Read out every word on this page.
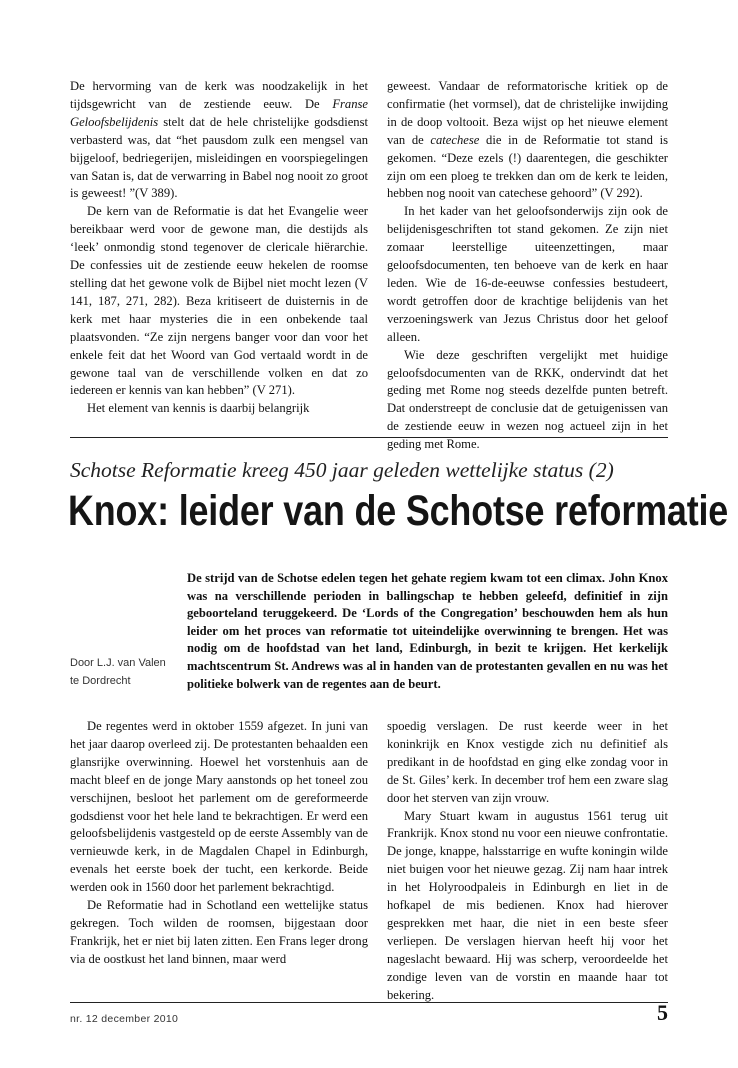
De hervorming van de kerk was noodzakelijk in het tijdsgewricht van de zestiende eeuw. De Franse Geloofsbelijdenis stelt dat de hele christelijke godsdienst verbasterd was, dat “het pausdom zulk een mengsel van bijgeloof, bedriegerijen, misleidingen en voorspiegelingen van Satan is, dat de verwarring in Babel nog nooit zo groot is geweest! ”(V 389).

De kern van de Reformatie is dat het Evangelie weer bereikbaar werd voor de gewone man, die destijds als ‘leek’ onmondig stond tegenover de clericale hiërarchie. De confessies uit de zestiende eeuw hekelen de roomse stelling dat het gewone volk de Bijbel niet mocht lezen (V 141, 187, 271, 282). Beza kritiseert de duisternis in de kerk met haar mysteries die in een onbekende taal plaatsvonden. “Ze zijn nergens banger voor dan voor het enkele feit dat het Woord van God vertaald wordt in de gewone taal van de verschillende volken en dat zo iedereen er kennis van kan hebben” (V 271).

Het element van kennis is daarbij belangrijk

geweest. Vandaar de reformatorische kritiek op de confirmatie (het vormsel), dat de christelijke inwijding in de doop voltooit. Beza wijst op het nieuwe element van de catechese die in de Reformatie tot stand is gekomen. “Deze ezels (!) daarentegen, die geschikter zijn om een ploeg te trekken dan om de kerk te leiden, hebben nog nooit van catechese gehoord” (V 292).

In het kader van het geloofsonderwijs zijn ook de belijdenisgeschriften tot stand gekomen. Ze zijn niet zomaar leerstellige uiteenzettingen, maar geloofsdocumenten, ten behoeve van de kerk en haar leden. Wie de 16-de-eeuwse confessies bestudeert, wordt getroffen door de krachtige belijdenis van het verzoeningswerk van Jezus Christus door het geloof alleen.

Wie deze geschriften vergelijkt met huidige geloofsdocumenten van de RKK, ondervindt dat het geding met Rome nog steeds dezelfde punten betreft. Dat onderstreept de conclusie dat de getuigenissen van de zestiende eeuw in wezen nog actueel zijn in het geding met Rome.

Schotse Reformatie kreeg 450 jaar geleden wettelijke status (2)
Knox: leider van de Schotse reformatie
De strijd van de Schotse edelen tegen het gehate regiem kwam tot een climax. John Knox was na verschillende perioden in ballingschap te hebben geleefd, definitief in zijn geboorteland teruggekeerd. De ‘Lords of the Congregation’ beschouwden hem als hun leider om het proces van reformatie tot uiteindelijke overwinning te brengen. Het was nodig om de hoofdstad van het land, Edinburgh, in bezit te krijgen. Het kerkelijk machtscentrum St. Andrews was al in handen van de protestanten gevallen en nu was het politieke bolwerk van de regentes aan de beurt.
Door L.J. van Valen
te Dordrecht

De regentes werd in oktober 1559 afgezet. In juni van het jaar daarop overleed zij. De protestanten behaalden een glansrijke overwinning. Hoewel het vorstenhuis aan de macht bleef en de jonge Mary aanstonds op het toneel zou verschijnen, besloot het parlement om de gereformeerde godsdienst voor het hele land te bekrachtigen. Er werd een geloofsbelijdenis vastgesteld op de eerste Assembly van de vernieuwde kerk, in de Magdalen Chapel in Edinburgh, evenals het eerste boek der tucht, een kerkorde. Beide werden ook in 1560 door het parlement bekrachtigd.

De Reformatie had in Schotland een wettelijke status gekregen. Toch wilden de roomsen, bijgestaan door Frankrijk, het er niet bij laten zitten. Een Frans leger drong via de oostkust het land binnen, maar werd

spoedig verslagen. De rust keerde weer in het koninkrijk en Knox vestigde zich nu definitief als predikant in de hoofdstad en ging elke zondag voor in de St. Giles’ kerk. In december trof hem een zware slag door het sterven van zijn vrouw.

Mary Stuart kwam in augustus 1561 terug uit Frankrijk. Knox stond nu voor een nieuwe confrontatie. De jonge, knappe, halsstarrige en wufte koningin wilde niet buigen voor het nieuwe gezag. Zij nam haar intrek in het Holyroodpaleis in Edinburgh en liet in de hofkapel de mis bedienen. Knox had hierover gesprekken met haar, die niet in een beste sfeer verliepen. De verslagen hiervan heeft hij voor het nageslacht bewaard. Hij was scherp, veroordeelde het zondige leven van de vorstin en maande haar tot bekering.

nr. 12 december 2010	5
